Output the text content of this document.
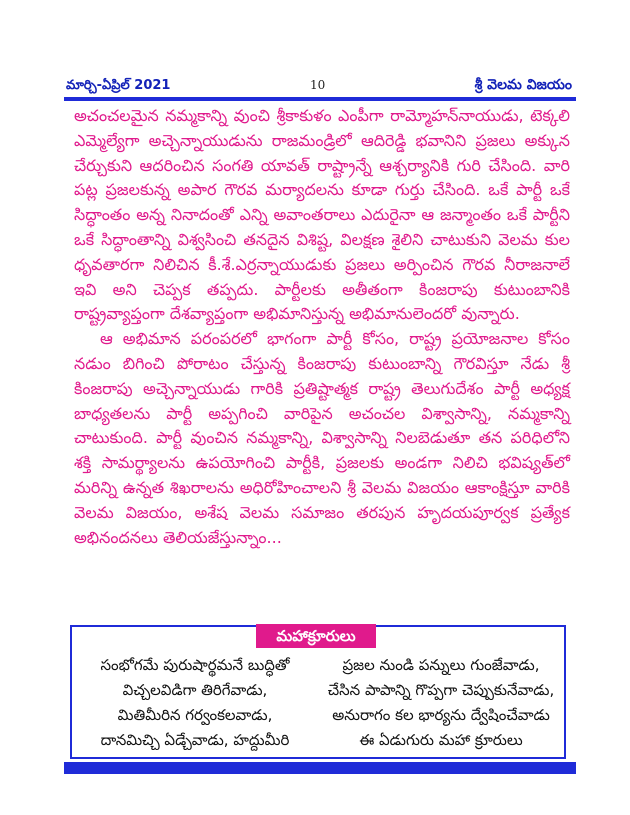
మార్చి-ఏప్రిల్ 2021	10	శ్రీ వెలమ విజయం

అచంచలమైన నమ్మకాన్ని వుంచి శ్రీకాకుళం ఎంపీగా రామ్మోహన్‌నాయుడు, టెక్కలి ఎమ్మెల్యేగా అచ్చెన్నాయుడును రాజమండ్రిలో ఆదిరెడ్డి భవానిని ప్రజలు అక్కున చేర్చుకుని ఆదరించిన సంగతి యావత్ రాష్ట్రాన్నే ఆశ్చర్యానికి గురి చేసింది. వారి పట్ల ప్రజలకున్న అపార గౌరవ మర్యాదలను కూడా గుర్తు చేసింది. ఒకే పార్టీ ఒకే సిద్ధాంతం అన్న నినాదంతో ఎన్ని అవాంతరాలు ఎదురైనా ఆ జన్మాంతం ఒకే పార్టీని ఒకే సిద్ధాంతాన్ని విశ్వసించి తనదైన విశిష్ట, విలక్షణ శైలిని చాటుకుని వెలమ కుల ధృవతారగా నిలిచిన కీ.శే.ఎర్రన్నాయుడుకు ప్రజలు అర్పించిన గౌరవ నీరాజనాలే ఇవి అని చెప్పక తప్పదు. పార్టీలకు అతీతంగా కింజరాపు కుటుంబానికి రాష్ట్రవ్యాప్తంగా దేశవ్యాప్తంగా అభిమానిస్తున్న అభిమానులెందరో వున్నారు.

ఆ అభిమాన పరంపరలో భాగంగా పార్టీ కోసం, రాష్ట్ర ప్రయోజనాల కోసం నడుం బిగించి పోరాటం చేస్తున్న కింజరాపు కుటుంబాన్ని గౌరవిస్తూ నేడు శ్రీ కింజరాపు అచ్చెన్నాయుడు గారికి ప్రతిష్టాత్మక రాష్ట్ర తెలుగుదేశం పార్టీ అధ్యక్ష బాధ్యతలను పార్టీ అప్పగించి వారిపైన అచంచల విశ్వాసాన్ని, నమ్మకాన్ని చాటుకుంది. పార్టీ వుంచిన నమ్మకాన్ని, విశ్వాసాన్ని నిలబెడుతూ తన పరిధిలోని శక్తి సామర్థ్యాలను ఉపయోగించి పార్టీకి, ప్రజలకు అండగా నిలిచి భవిష్యత్‌లో మరిన్ని ఉన్నత శిఖరాలను అధిరోహించాలని శ్రీ వెలమ విజయం ఆకాంక్షిస్తూ వారికి వెలమ విజయం, అశేష వెలమ సమాజం తరపున హృదయపూర్వక ప్రత్యేక అభినందనలు తెలియజేస్తున్నాం...

మహాక్రూరులు
సంభోగమే పురుషార్థమనే బుద్ధితో
విచ్చలవిడిగా తిరిగేవాడు,
మితిమీరిన గర్వంకలవాడు,
దానమిచ్చి ఏడ్చేవాడు, హద్దుమీరి
ప్రజల నుండి పన్నులు గుంజేవాడు,
చేసిన పాపాన్ని గొప్పగా చెప్పుకునేవాడు,
అనురాగం కల భార్యను ద్వేషించేవాడు
ఈ ఏడుగురు మహా క్రూరులు
